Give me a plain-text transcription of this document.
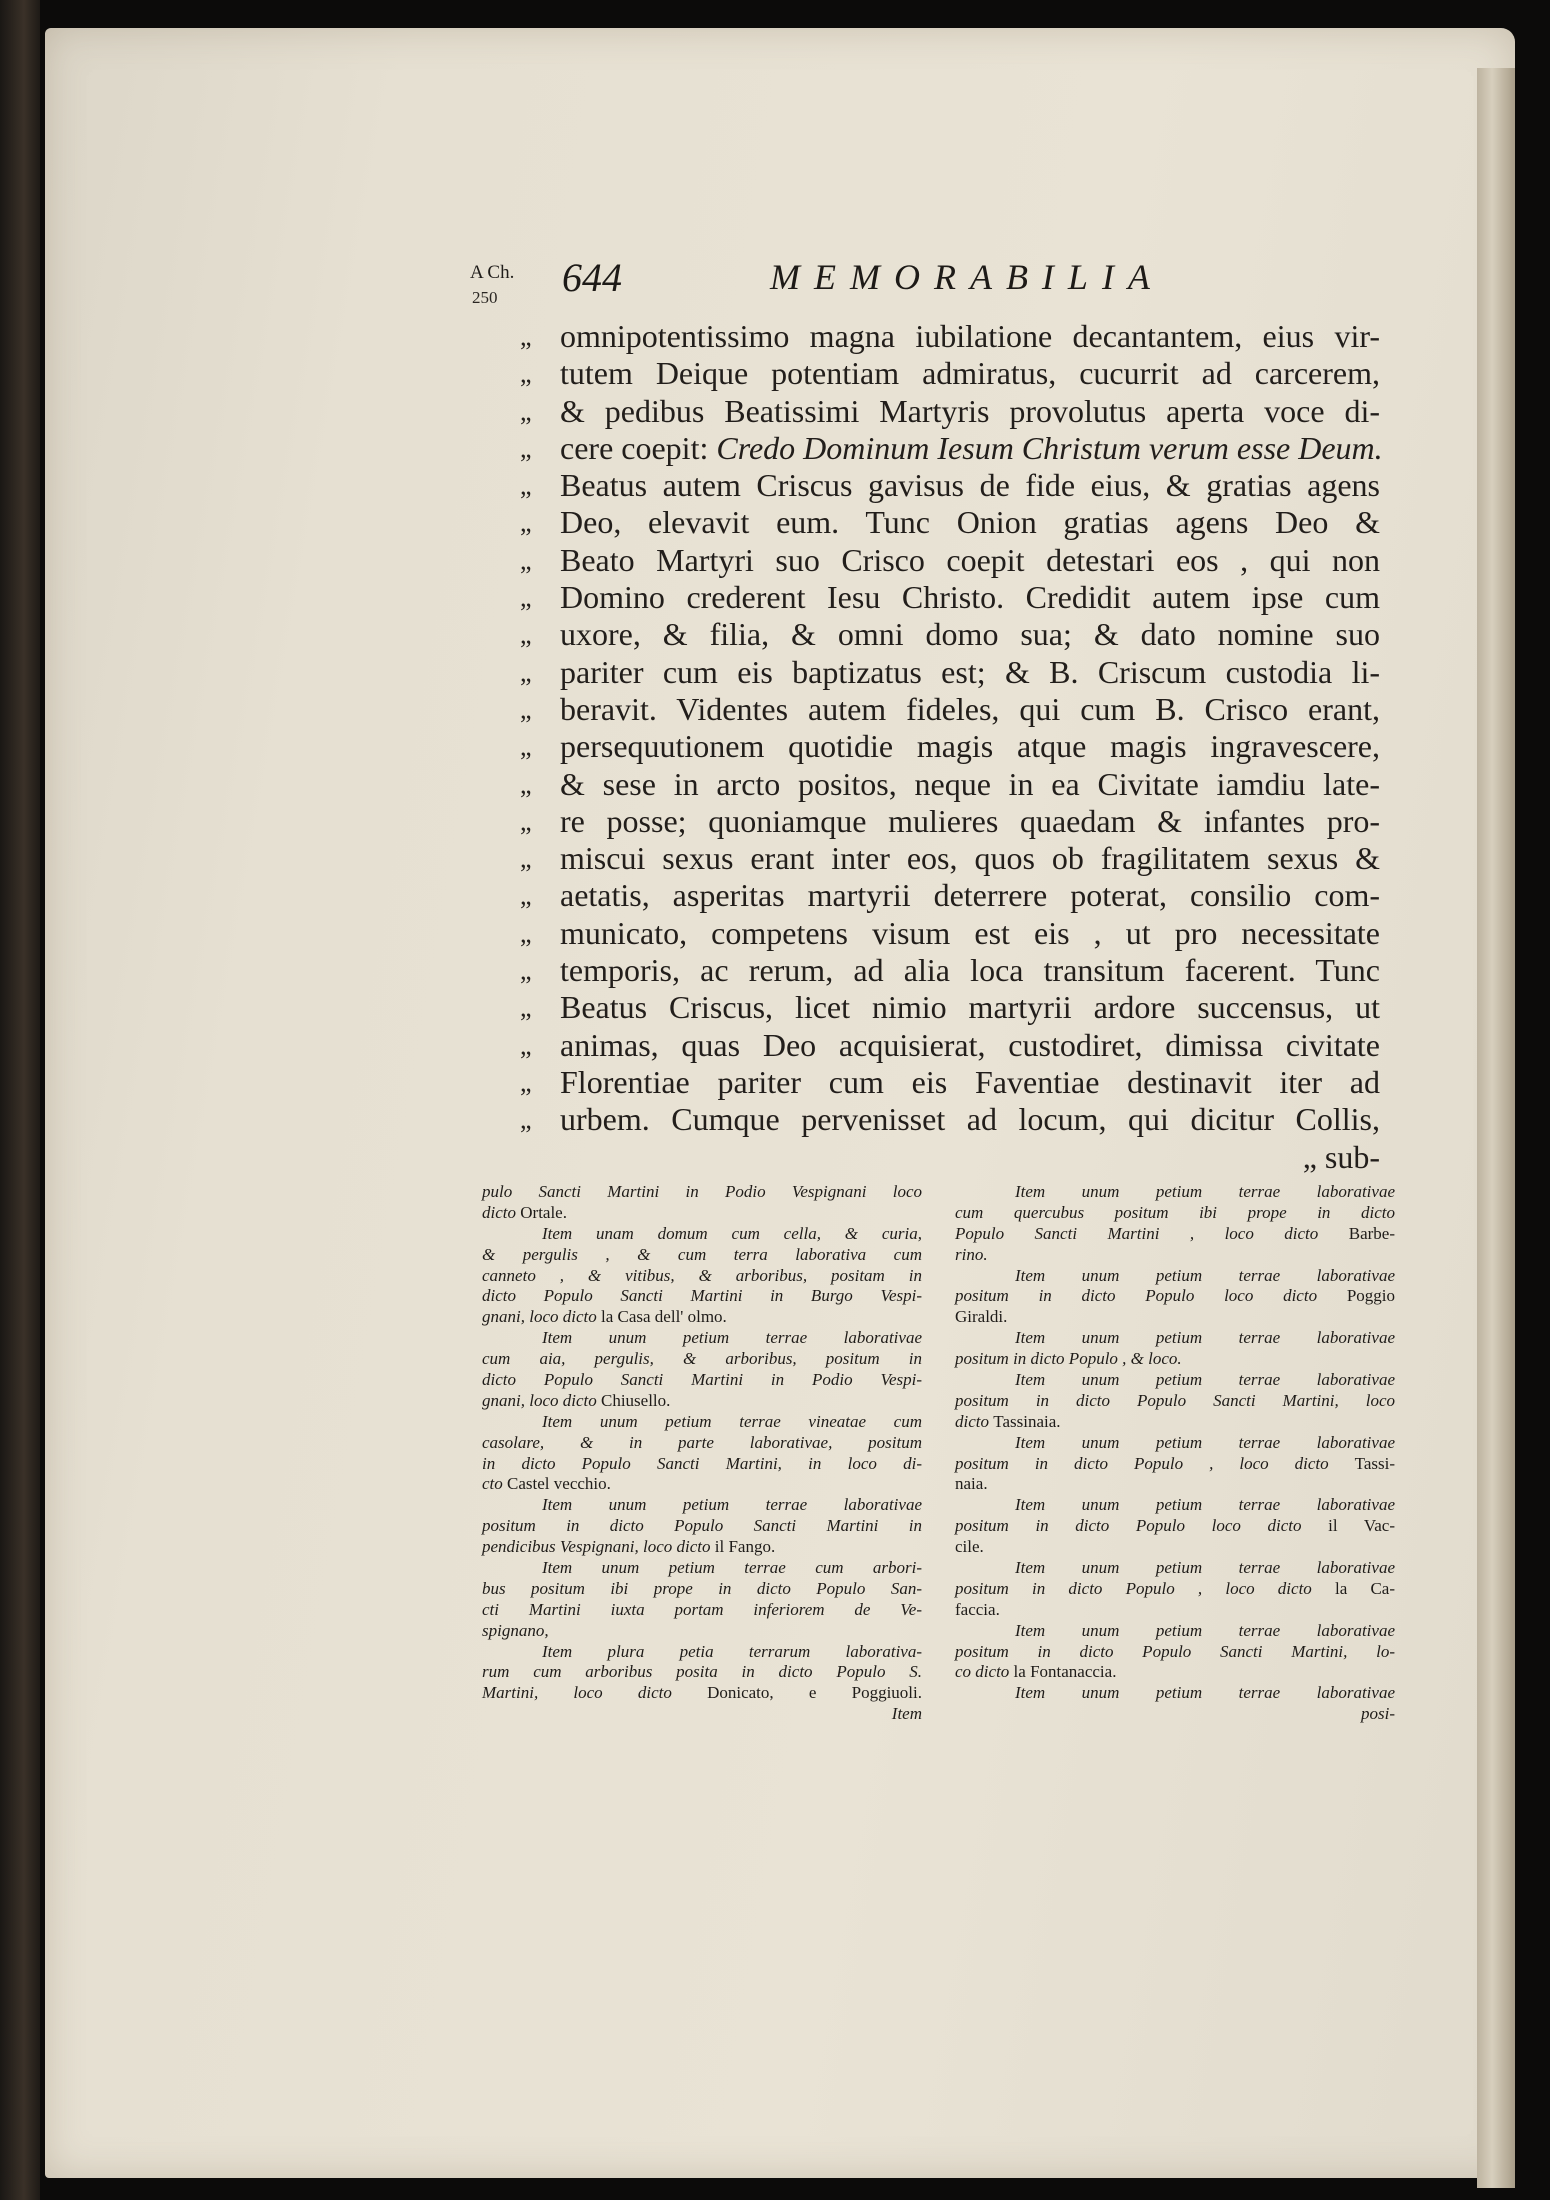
A Ch. 644	MEMORABILIA
250
„ omnipotentissimo magna iubilatione decantantem, eius vir-
„ tutem Deique potentiam admiratus, cucurrit ad carcerem,
„ & pedibus Beatissimi Martyris provolutus aperta voce di-
„ cere coepit: Credo Dominum Iesum Christum verum esse Deum.
„ Beatus autem Criscus gavisus de fide eius, & gratias agens
„ Deo, elevavit eum. Tunc Onion gratias agens Deo &
„ Beato Martyri suo Crisco coepit detestari eos , qui non
„ Domino crederent Iesu Christo. Credidit autem ipse cum
„ uxore, & filia, & omni domo sua; & dato nomine suo
„ pariter cum eis baptizatus est; & B. Criscum custodia li-
„ beravit. Videntes autem fideles, qui cum B. Crisco erant,
„ persequutionem quotidie magis atque magis ingravescere,
„ & sese in arcto positos, neque in ea Civitate iamdiu late-
„ re posse; quoniamque mulieres quaedam & infantes pro-
„ miscui sexus erant inter eos, quos ob fragilitatem sexus &
„ aetatis, asperitas martyrii deterrere poterat, consilio com-
„ municato, competens visum est eis , ut pro necessitate
„ temporis, ac rerum, ad alia loca transitum facerent. Tunc
„ Beatus Criscus, licet nimio martyrii ardore succensus, ut
„ animas, quas Deo acquisierat, custodiret, dimissa civitate
„ Florentiae pariter cum eis Faventiae destinavit iter ad
„ urbem. Cumque pervenisset ad locum, qui dicitur Collis,
„ sub-
pulo Sancti Martini in Podio Vespignani loco
dicto Ortale.
Item unam domum cum cella, & curia,
& pergulis , & cum terra laborativa cum
canneto , & vitibus, & arboribus, positam in
dicto Populo Sancti Martini in Burgo Vespi-
gnani, loco dicto la Casa dell' olmo.
Item unum petium terrae laborativae
cum aia, pergulis, & arboribus, positum in
dicto Populo Sancti Martini in Podio Vespi-
gnani, loco dicto Chiusello.
Item unum petium terrae vineatae cum
casolare, & in parte laborativae, positum
in dicto Populo Sancti Martini, in loco di-
cto Castel vecchio.
Item unum petium terrae laborativae
positum in dicto Populo Sancti Martini in
pendicibus Vespignani, loco dicto il Fango.
Item unum petium terrae cum arbori-
bus positum ibi prope in dicto Populo San-
cti Martini iuxta portam inferiorem de Ve-
spignano,
Item plura petia terrarum laborativa-
rum cum arboribus posita in dicto Populo S.
Martini, loco dicto Donicato, e Poggiuoli.
Item
Item unum petium terrae laborativae
cum quercubus positum ibi prope in dicto
Populo Sancti Martini , loco dicto Barbe-
rino.
Item unum petium terrae laborativae
positum in dicto Populo loco dicto Poggio
Giraldi.
Item unum petium terrae laborativae
positum in dicto Populo , & loco.
Item unum petium terrae laborativae
positum in dicto Populo Sancti Martini, loco
dicto Tassinaia.
Item unum petium terrae laborativae
positum in dicto Populo , loco dicto Tassi-
naia.
Item unum petium terrae laborativae
positum in dicto Populo loco dicto il Vac-
cile.
Item unum petium terrae laborativae
positum in dicto Populo , loco dicto la Ca-
faccia.
Item unum petium terrae laborativae
positum in dicto Populo Sancti Martini, lo-
co dicto la Fontanaccia.
Item unum petium terrae laborativae
posi-
